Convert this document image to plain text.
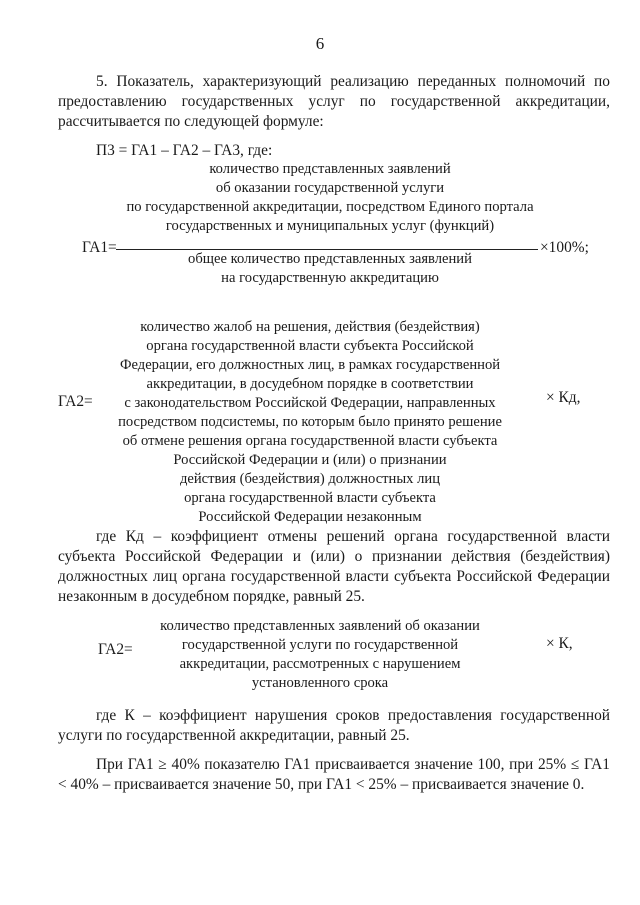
6
5. Показатель, характеризующий реализацию переданных полномочий по предоставлению государственных услуг по государственной аккредитации, рассчитывается по следующей формуле:
П3 = ГА1 – ГА2 – ГА3, где:
количество представленных заявлений
об оказании государственной услуги
по государственной аккредитации, посредством Единого портала
государственных и муниципальных услуг (функций)
ГА1=	×100%;
общее количество представленных заявлений
на государственную аккредитацию
количество жалоб на решения, действия (бездействия)
органа государственной власти субъекта Российской
Федерации, его должностных лиц, в рамках государственной
аккредитации, в досудебном порядке в соответствии
с законодательством Российской Федерации, направленных
посредством подсистемы, по которым было принято решение
об отмене решения органа государственной власти субъекта
Российской Федерации и (или) о признании
действия (бездействия) должностных лиц
органа государственной власти субъекта
Российской Федерации незаконным
ГА2=	× Кд,
где Кд – коэффициент отмены решений органа государственной власти субъекта Российской Федерации и (или) о признании действия (бездействия) должностных лиц органа государственной власти субъекта Российской Федерации незаконным в досудебном порядке, равный 25.
количество представленных заявлений об оказании
государственной услуги по государственной
аккредитации, рассмотренных с нарушением
установленного срока
ГА2=	× К,
где К – коэффициент нарушения сроков предоставления государственной услуги по государственной аккредитации, равный 25.
При ГА1 ≥ 40% показателю ГА1 присваивается значение 100, при 25% ≤ ГА1 < 40% – присваивается значение 50, при ГА1 < 25% – присваивается значение 0.
